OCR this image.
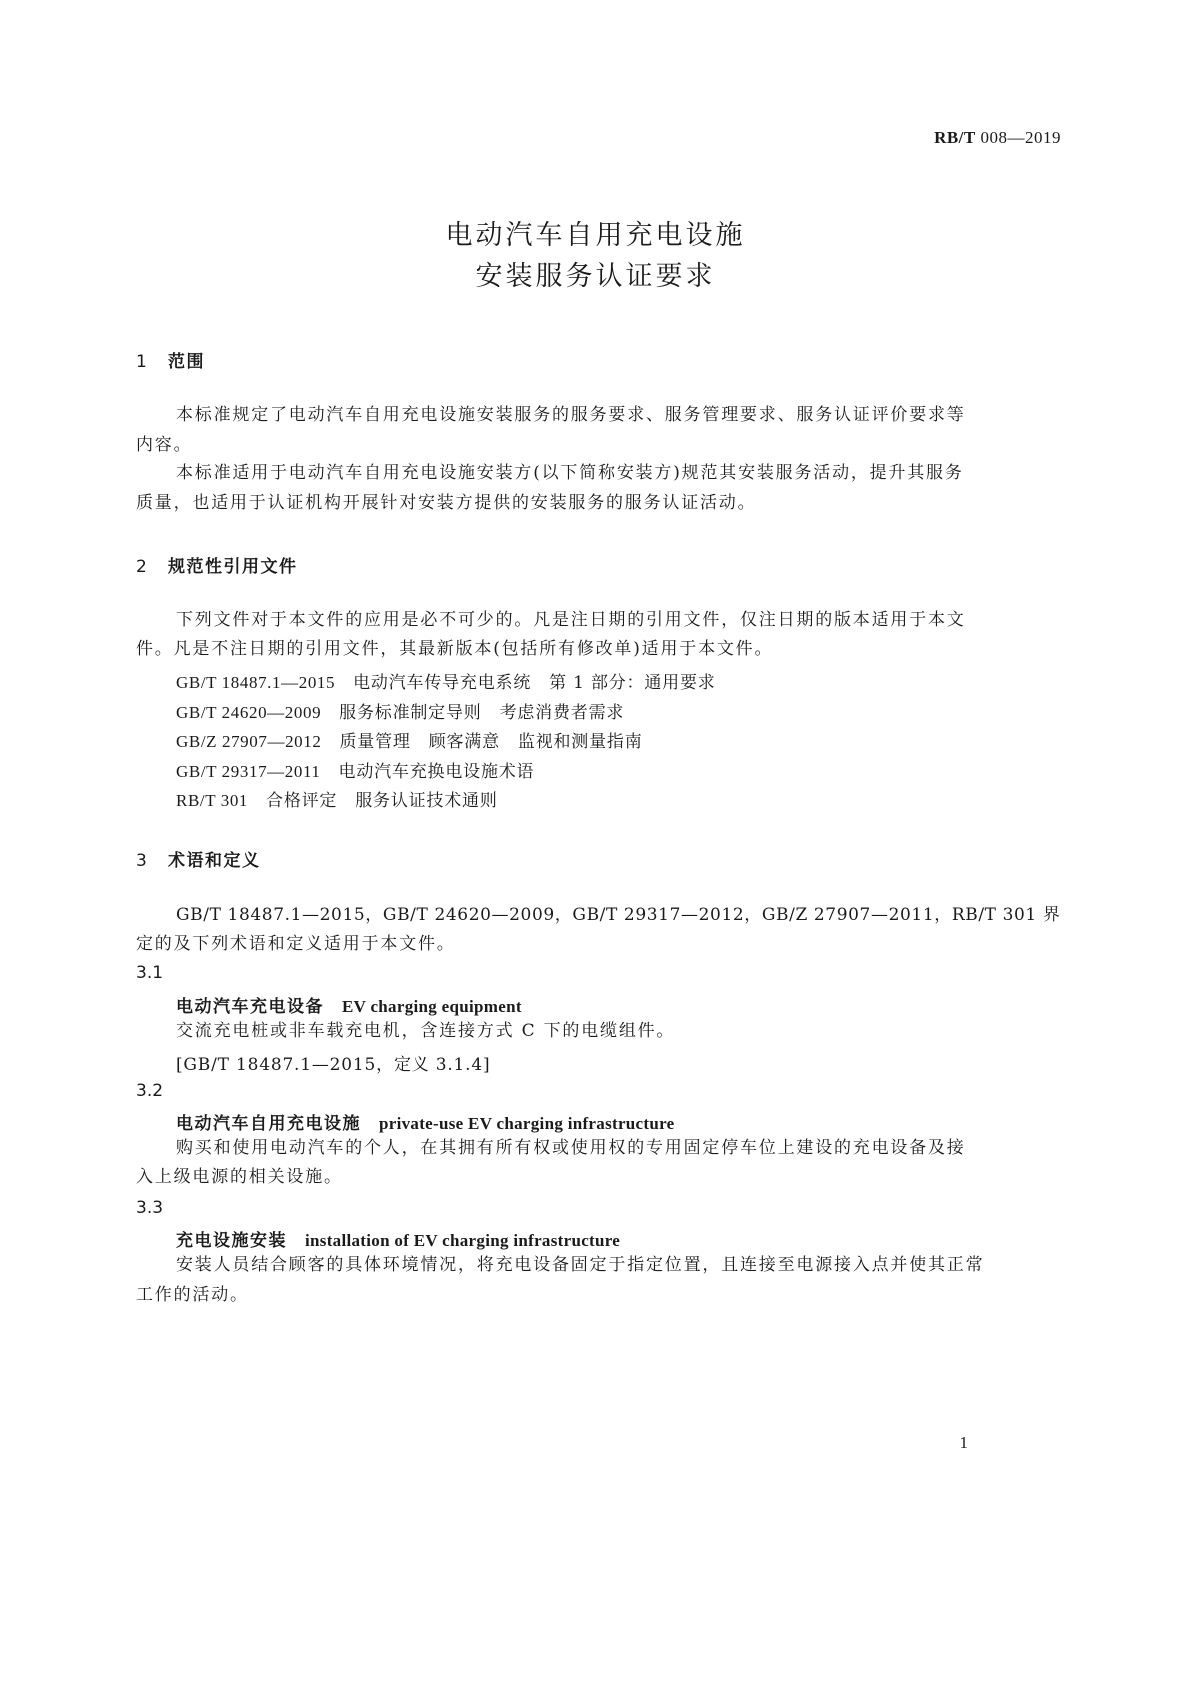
RB/T 008—2019
电动汽车自用充电设施
安装服务认证要求
1 范围
本标准规定了电动汽车自用充电设施安装服务的服务要求、服务管理要求、服务认证评价要求等
内容。
本标准适用于电动汽车自用充电设施安装方(以下简称安装方)规范其安装服务活动，提升其服务
质量，也适用于认证机构开展针对安装方提供的安装服务的服务认证活动。
2 规范性引用文件
下列文件对于本文件的应用是必不可少的。凡是注日期的引用文件，仅注日期的版本适用于本文
件。凡是不注日期的引用文件，其最新版本(包括所有修改单)适用于本文件。
GB/T 18487.1—2015 电动汽车传导充电系统 第 1 部分：通用要求
GB/T 24620—2009 服务标准制定导则 考虑消费者需求
GB/Z 27907—2012 质量管理 顾客满意 监视和测量指南
GB/T 29317—2011 电动汽车充换电设施术语
RB/T 301 合格评定 服务认证技术通则
3 术语和定义
GB/T 18487.1—2015，GB/T 24620—2009，GB/T 29317—2012，GB/Z 27907—2011，RB/T 301 界
定的及下列术语和定义适用于本文件。
3.1
电动汽车充电设备 EV charging equipment
交流充电桩或非车载充电机，含连接方式 C 下的电缆组件。
[GB/T 18487.1—2015，定义 3.1.4]
3.2
电动汽车自用充电设施 private-use EV charging infrastructure
购买和使用电动汽车的个人，在其拥有所有权或使用权的专用固定停车位上建设的充电设备及接
入上级电源的相关设施。
3.3
充电设施安装 installation of EV charging infrastructure
安装人员结合顾客的具体环境情况，将充电设备固定于指定位置，且连接至电源接入点并使其正常
工作的活动。
1
